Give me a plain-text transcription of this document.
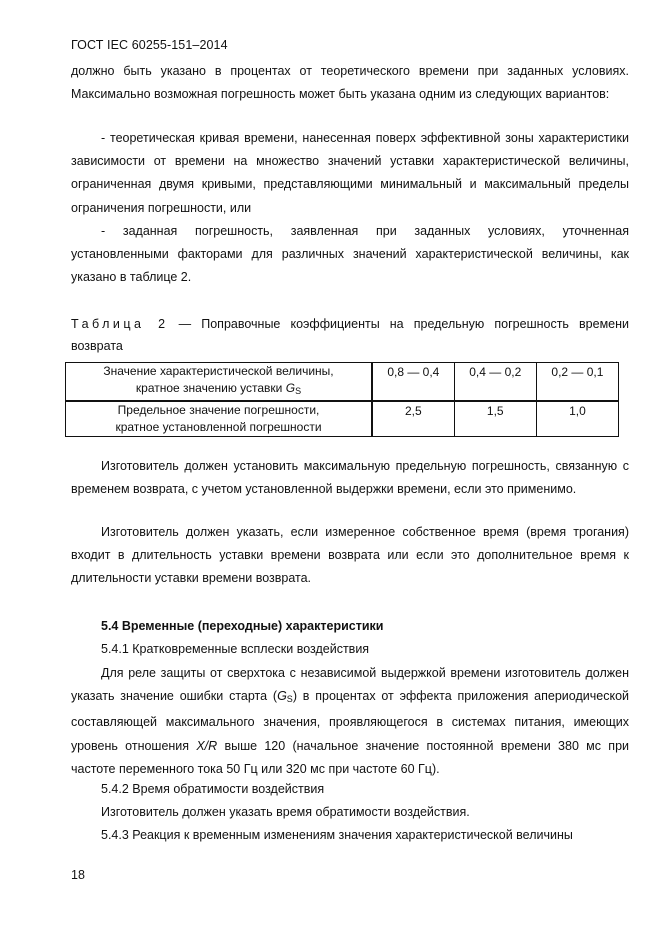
ГОСТ IEC 60255-151–2014
должно быть указано в процентах от теоретического времени при заданных условиях. Максимально возможная погрешность может быть указана одним из следующих вариантов:
- теоретическая кривая времени, нанесенная поверх эффективной зоны характеристики зависимости от времени на множество значений уставки характеристической величины, ограниченная двумя кривыми, представляющими минимальный и максимальный пределы ограничения погрешности, или
- заданная погрешность, заявленная при заданных условиях, уточненная установленными факторами для различных значений характеристической величины, как указано в таблице 2.
Таблица 2 — Поправочные коэффициенты на предельную погрешность времени возврата
Значение характеристической величины,
кратное значению уставки $G_S$	0,8 — 0,4	0,4 — 0,2	0,2 — 0,1

Предельное значение погрешности,
кратное установленной погрешности	2,5	1,5	1,0
Изготовитель должен установить максимальную предельную погрешность, связанную с временем возврата, с учетом установленной выдержки времени, если это применимо.
Изготовитель должен указать, если измеренное собственное время (время трогания) входит в длительность уставки времени возврата или если это дополнительное время к длительности уставки времени возврата.
5.4 Временные (переходные) характеристики
5.4.1 Кратковременные всплески воздействия
Для реле защиты от сверхтока с независимой выдержкой времени изготовитель должен указать значение ошибки старта $(G_S)$ в процентах от эффекта приложения апериодической составляющей максимального значения, проявляющегося в системах питания, имеющих уровень отношения X/R выше 120 (начальное значение постоянной времени 380 мс при частоте переменного тока 50 Гц или 320 мс при частоте 60 Гц).
5.4.2 Время обратимости воздействия
Изготовитель должен указать время обратимости воздействия.
5.4.3 Реакция к временным изменениям значения характеристической величины
18
